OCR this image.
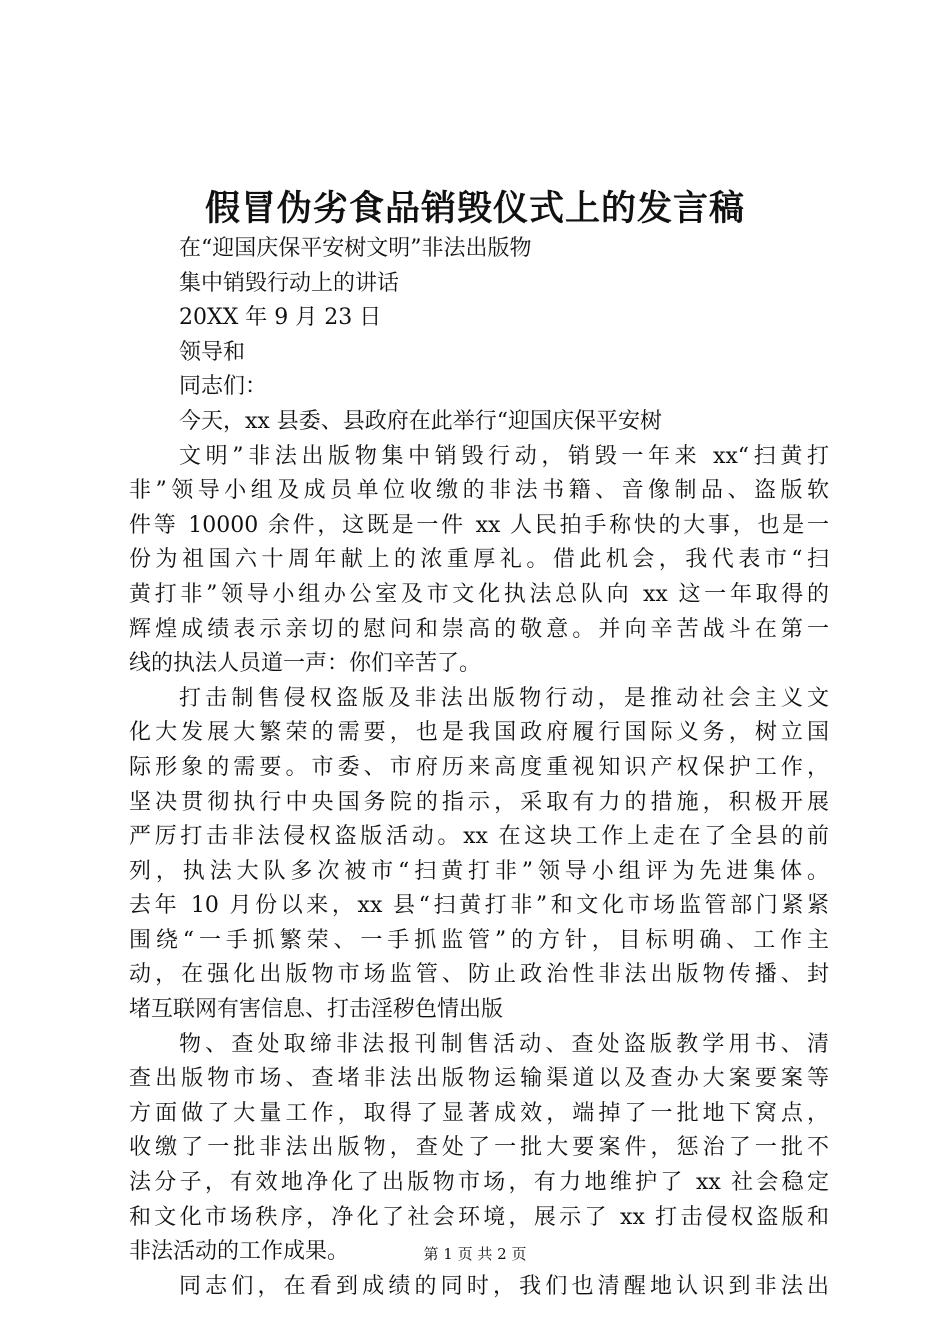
假冒伪劣食品销毁仪式上的发言稿
在“迎国庆保平安树文明”非法出版物
集中销毁行动上的讲话
20XX 年 9 月 23 日
领导和
同志们：
今天，xx 县委、县政府在此举行“迎国庆保平安树
文明”非法出版物集中销毁行动，销毁一年来 xx“扫黄打
非”领导小组及成员单位收缴的非法书籍、音像制品、盗版软
件等 10000 余件，这既是一件 xx 人民拍手称快的大事，也是一
份为祖国六十周年献上的浓重厚礼。借此机会，我代表市“扫
黄打非”领导小组办公室及市文化执法总队向 xx 这一年取得的
辉煌成绩表示亲切的慰问和崇高的敬意。并向辛苦战斗在第一
线的执法人员道一声：你们辛苦了。
打击制售侵权盗版及非法出版物行动，是推动社会主义文
化大发展大繁荣的需要，也是我国政府履行国际义务，树立国
际形象的需要。市委、市府历来高度重视知识产权保护工作，
坚决贯彻执行中央国务院的指示，采取有力的措施，积极开展
严厉打击非法侵权盗版活动。xx 在这块工作上走在了全县的前
列，执法大队多次被市“扫黄打非”领导小组评为先进集体。
去年 10 月份以来，xx 县“扫黄打非”和文化市场监管部门紧紧
围绕“一手抓繁荣、一手抓监管”的方针，目标明确、工作主
动，在强化出版物市场监管、防止政治性非法出版物传播、封
堵互联网有害信息、打击淫秽色情出版
物、查处取缔非法报刊制售活动、查处盗版教学用书、清
查出版物市场、查堵非法出版物运输渠道以及查办大案要案等
方面做了大量工作，取得了显著成效，端掉了一批地下窝点，
收缴了一批非法出版物，查处了一批大要案件，惩治了一批不
法分子，有效地净化了出版物市场，有力地维护了 xx 社会稳定
和文化市场秩序，净化了社会环境，展示了 xx 打击侵权盗版和
非法活动的工作成果。
同志们，在看到成绩的同时，我们也清醒地认识到非法出
第 1 页 共 2 页
